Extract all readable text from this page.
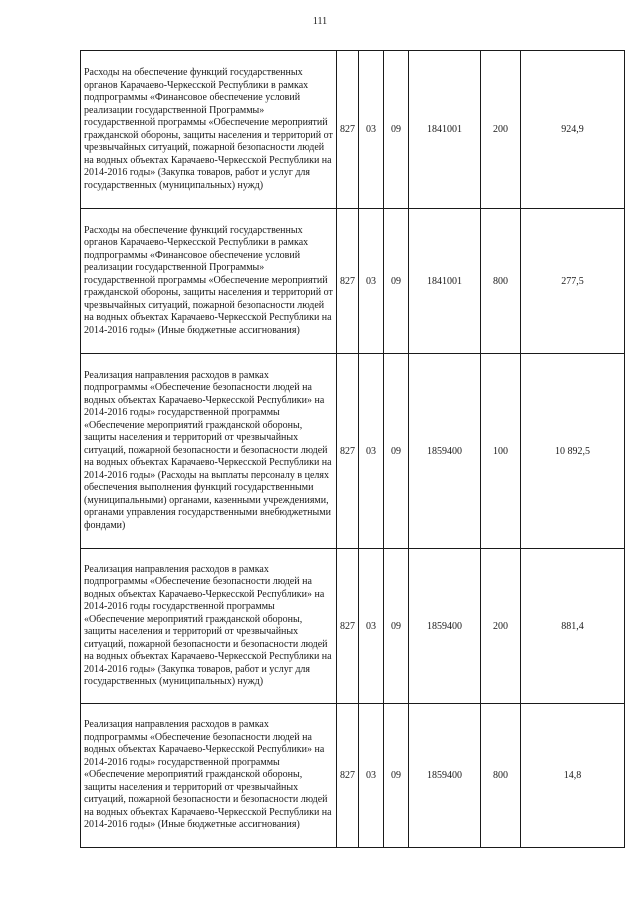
111
Расходы на обеспечение функций государственных органов Карачаево-Черкесской Республики в рамках подпрограммы «Финансовое обеспечение условий реализации государственной Программы» государственной программы «Обеспечение мероприятий гражданской обороны, защиты населения и территорий от чрезвычайных ситуаций, пожарной безопасности людей на водных объектах Карачаево-Черкесской Республики на 2014-2016 годы» (Закупка товаров, работ и услуг для государственных (муниципальных) нужд)	827	03	09	1841001	200	924,9
Расходы на обеспечение функций государственных органов Карачаево-Черкесской Республики в рамках подпрограммы «Финансовое обеспечение условий реализации государственной Программы» государственной программы «Обеспечение мероприятий гражданской обороны, защиты населения и территорий от чрезвычайных ситуаций, пожарной безопасности людей на водных объектах Карачаево-Черкесской Республики на 2014-2016 годы» (Иные бюджетные ассигнования)	827	03	09	1841001	800	277,5
Реализация направления расходов в рамках подпрограммы «Обеспечение безопасности людей на водных объектах Карачаево-Черкесской Республики» на 2014-2016 годы» государственной программы «Обеспечение мероприятий гражданской обороны, защиты населения и территорий от чрезвычайных ситуаций, пожарной безопасности и безопасности людей на водных объектах Карачаево-Черкесской Республики на 2014-2016 годы» (Расходы на выплаты персоналу в целях обеспечения выполнения функций государственными (муниципальными) органами, казенными учреждениями, органами управления государственными внебюджетными фондами)	827	03	09	1859400	100	10 892,5
Реализация направления расходов в рамках подпрограммы «Обеспечение безопасности людей на водных объектах Карачаево-Черкесской Республики» на 2014-2016 годы государственной программы «Обеспечение мероприятий гражданской обороны, защиты населения и территорий от чрезвычайных ситуаций, пожарной безопасности и безопасности людей на водных объектах Карачаево-Черкесской Республики на 2014-2016 годы» (Закупка товаров, работ и услуг для государственных (муниципальных) нужд)	827	03	09	1859400	200	881,4
Реализация направления расходов в рамках подпрограммы «Обеспечение безопасности людей на водных объектах Карачаево-Черкесской Республики» на 2014-2016 годы» государственной программы «Обеспечение мероприятий гражданской обороны, защиты населения и территорий от чрезвычайных ситуаций, пожарной безопасности и безопасности людей на водных объектах Карачаево-Черкесской Республики на 2014-2016 годы» (Иные бюджетные ассигнования)	827	03	09	1859400	800	14,8
